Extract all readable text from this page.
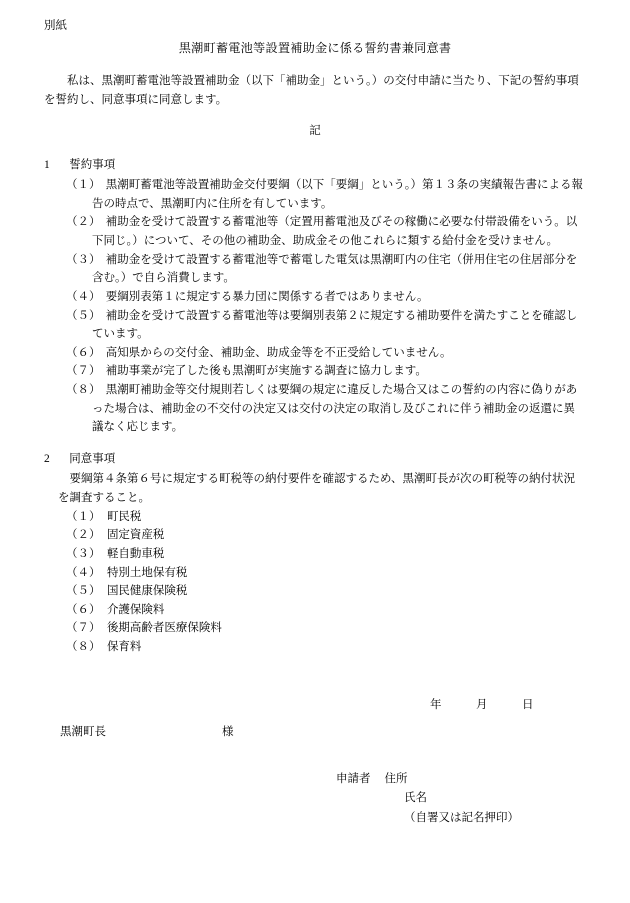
別紙
黒潮町蓄電池等設置補助金に係る誓約書兼同意書

私は、黒潮町蓄電池等設置補助金（以下「補助金」という。）の交付申請に当たり、下記の誓約事項を誓約し、同意事項に同意します。

記
1 誓約事項
（１） 黒潮町蓄電池等設置補助金交付要綱（以下「要綱」という。）第１３条の実績報告書による報告の時点で、黒潮町内に住所を有しています。
（２） 補助金を受けて設置する蓄電池等（定置用蓄電池及びその稼働に必要な付帯設備をいう。以下同じ。）について、その他の補助金、助成金その他これらに類する給付金を受けません。
（３） 補助金を受けて設置する蓄電池等で蓄電した電気は黒潮町内の住宅（併用住宅の住居部分を含む。）で自ら消費します。
（４） 要綱別表第１に規定する暴力団に関係する者ではありません。
（５） 補助金を受けて設置する蓄電池等は要綱別表第２に規定する補助要件を満たすことを確認しています。
（６） 高知県からの交付金、補助金、助成金等を不正受給していません。
（７） 補助事業が完了した後も黒潮町が実施する調査に協力します。
（８） 黒潮町補助金等交付規則若しくは要綱の規定に違反した場合又はこの誓約の内容に偽りがあった場合は、補助金の不交付の決定又は交付の決定の取消し及びこれに伴う補助金の返還に異議なく応じます。
2 同意事項

要綱第４条第６号に規定する町税等の納付要件を確認するため、黒潮町長が次の町税等の納付状況を調査すること。

（１） 町民税
（２） 固定資産税
（３） 軽自動車税
（４） 特別土地保有税
（５） 国民健康保険税
（６） 介護保険料
（７） 後期高齢者医療保険料
（８） 保育料
年	月	日
黒潮町長	様
申請者 住所
氏名
（自署又は記名押印）
